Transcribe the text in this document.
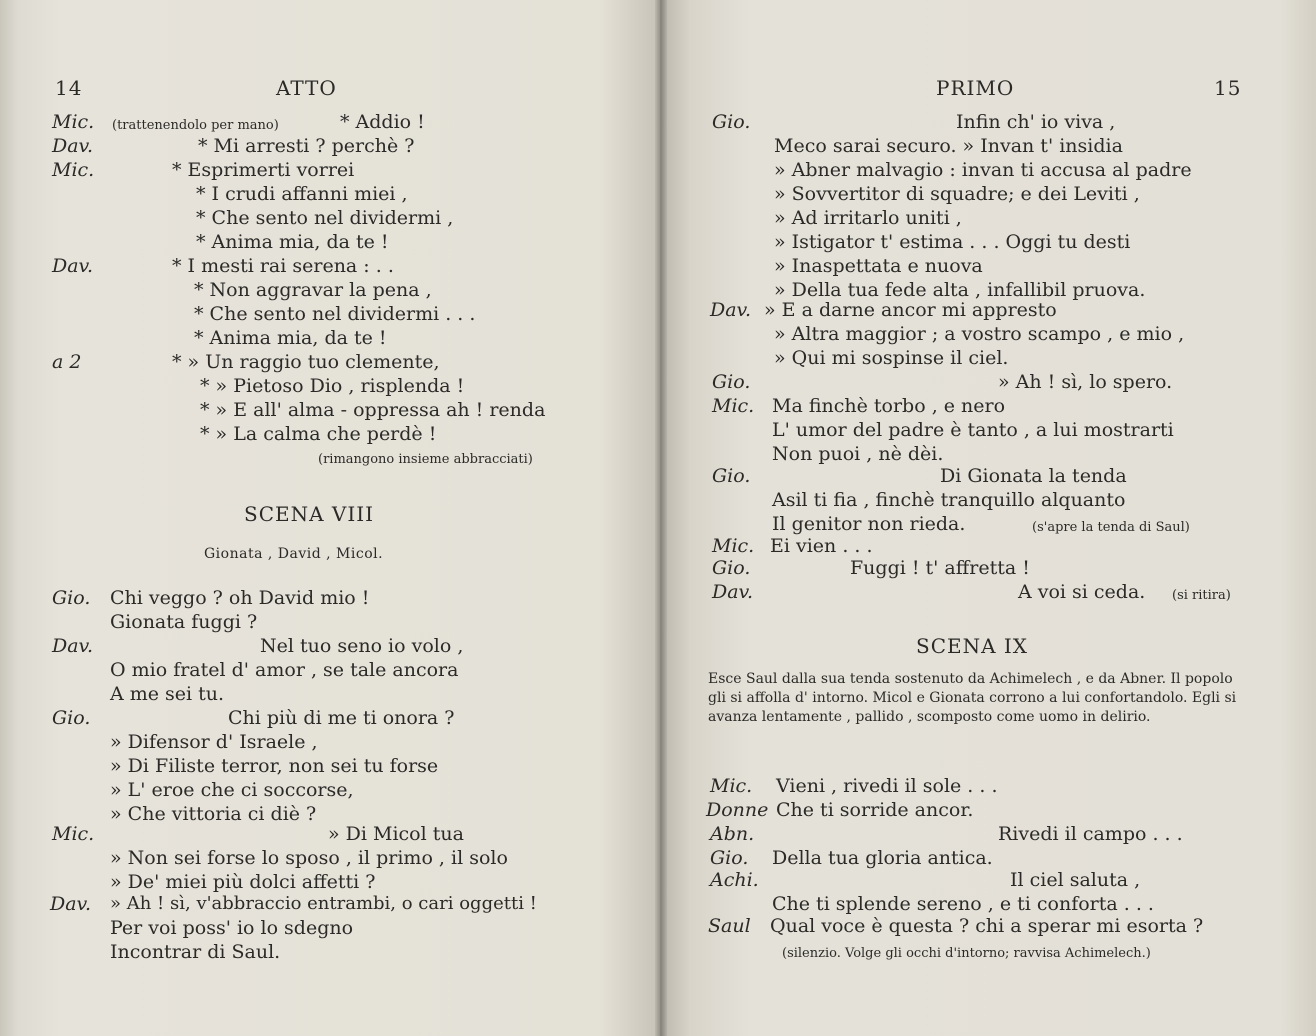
14	ATTO
Mic. (trattenendolo per mano)	* Addio !
Dav.	* Mi arresti ? perchè ?
Mic.	* Esprimerti vorrei
* I crudi affanni miei ,
* Che sento nel dividermi ,
* Anima mia, da te !
Dav.	* I mesti rai serena : . .
* Non aggravar la pena ,
* Che sento nel dividermi . . .
* Anima mia, da te !
a 2	* » Un raggio tuo clemente,
* » Pietoso Dio , risplenda !
* » E all' alma - oppressa ah ! renda
* » La calma che perdè !
(rimangono insieme abbracciati)
SCENA VIII
Gionata , David , Micol.
Gio. Chi veggo ? oh David mio !
Gionata fuggi ?
Dav.	Nel tuo seno io volo ,
O mio fratel d' amor , se tale ancora
A me sei tu.
Gio.	Chi più di me ti onora ?
» Difensor d' Israele ,
» Di Filiste terror, non sei tu forse
» L' eroe che ci soccorse,
» Che vittoria ci diè ?
Mic.	» Di Micol tua
» Non sei forse lo sposo , il primo , il solo
» De' miei più dolci affetti ?
Dav. » Ah ! sì, v'abbraccio entrambi, o cari oggetti !
Per voi poss' io lo sdegno
Incontrar di Saul.
PRIMO	15
Gio.	Infin ch' io viva ,
Meco sarai securo. » Invan t' insidia
» Abner malvagio : invan ti accusa al padre
» Sovvertitor di squadre; e dei Leviti ,
» Ad irritarlo uniti ,
» Istigator t' estima . . . Oggi tu desti
» Inaspettata e nuova
» Della tua fede alta , infallibil pruova.
Dav. » E a darne ancor mi appresto
» Altra maggior ; a vostro scampo , e mio ,
» Qui mi sospinse il ciel.
Gio.	» Ah ! sì, lo spero.
Mic. Ma finchè torbo , e nero
L' umor del padre è tanto , a lui mostrarti
Non puoi , nè dèi.
Gio.	Di Gionata la tenda
Asil ti fia , finchè tranquillo alquanto
Il genitor non rieda.	(s'apre la tenda di Saul)
Mic. Ei vien . . .
Gio.	Fuggi ! t' affretta !
Dav.	A voi si ceda. (si ritira)
SCENA IX
Esce Saul dalla sua tenda sostenuto da Achimelech , e da Abner. Il popolo gli si affolla d' intorno. Micol e Gionata corrono a lui confortandolo. Egli si avanza lentamente , pallido , scomposto come uomo in delirio.
Mic. Vieni , rivedi il sole . . .
Donne Che ti sorride ancor.
Abn.	Rivedi il campo . . .
Gio. Della tua gloria antica.
Achi.	Il ciel saluta ,
Che ti splende sereno , e ti conforta . . .
Saul Qual voce è questa ? chi a sperar mi esorta ?
(silenzio. Volge gli occhi d'intorno; ravvisa Achimelech.)
